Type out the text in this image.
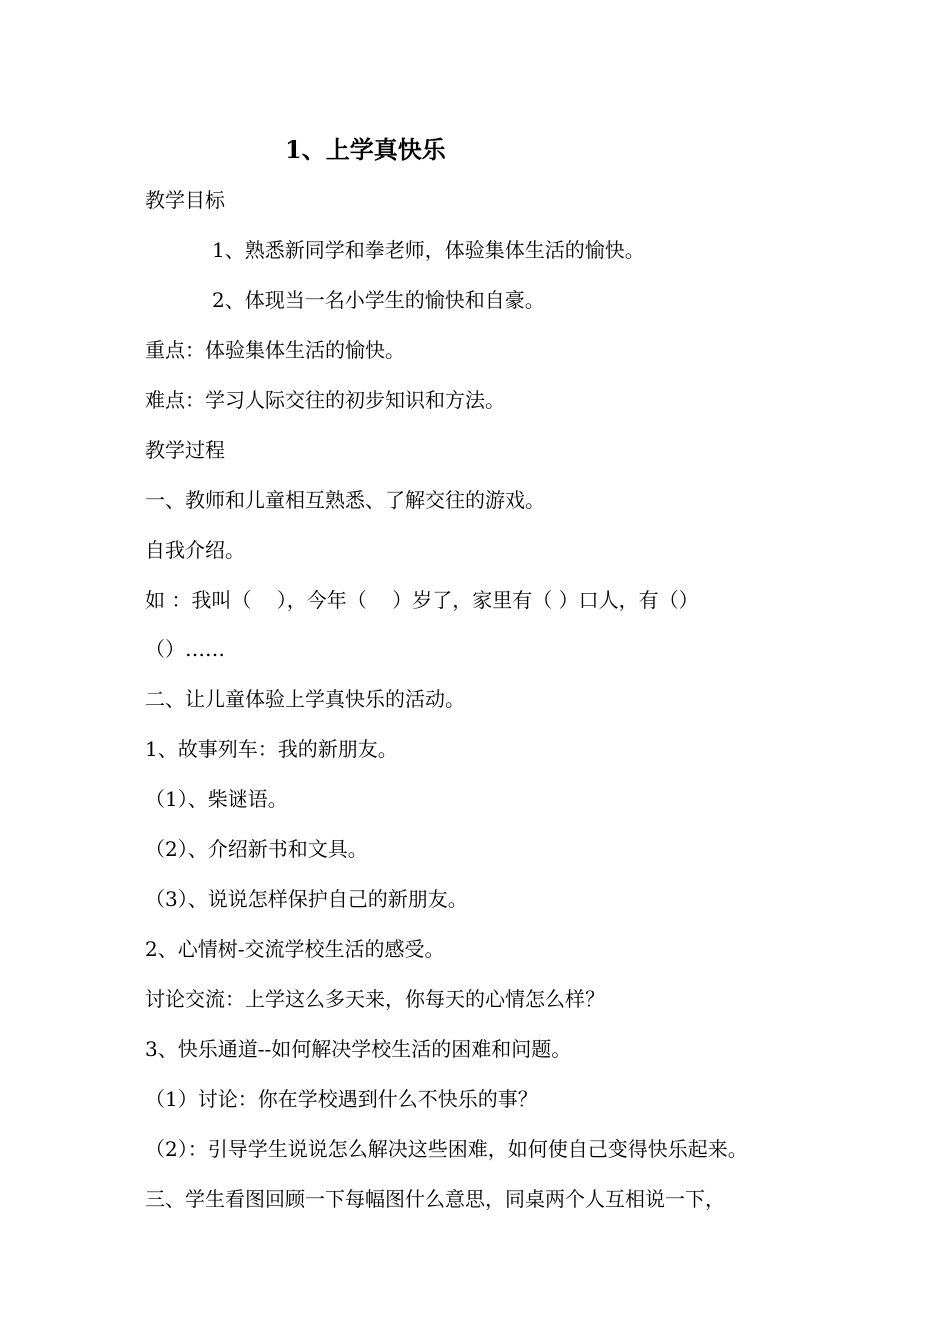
1、上学真快乐
教学目标
1、熟悉新同学和拳老师，体验集体生活的愉快。
2、体现当一名小学生的愉快和自豪。
重点：体验集体生活的愉快。
难点：学习人际交往的初步知识和方法。
教学过程
一、教师和儿童相互熟悉、了解交往的游戏。
自我介绍。
如 ：我叫（    ），今年（    ）岁了，家里有（ ）口人，有（）
（）……
二、让儿童体验上学真快乐的活动。
1、故事列车：我的新朋友。
（1）、柴谜语。
（2）、介绍新书和文具。
（3）、说说怎样保护自己的新朋友。
2、心情树-交流学校生活的感受。
讨论交流：上学这么多天来，你每天的心情怎么样？
3、快乐通道--如何解决学校生活的困难和问题。
（1）讨论：你在学校遇到什么不快乐的事？
（2）：引导学生说说怎么解决这些困难，如何使自己变得快乐起来。
三、学生看图回顾一下每幅图什么意思，同桌两个人互相说一下，
